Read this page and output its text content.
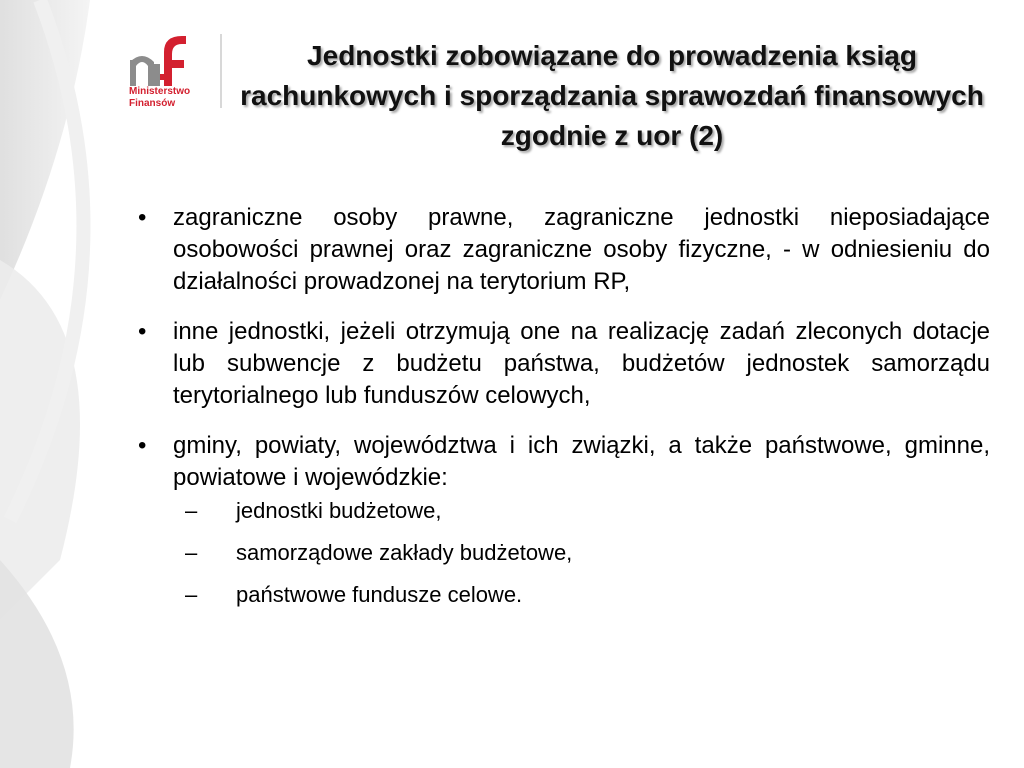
Ministerstwo
Finansów
Jednostki zobowiązane do prowadzenia ksiąg rachunkowych i sporządzania sprawozdań finansowych zgodnie z uor (2)
•	zagraniczne osoby prawne, zagraniczne jednostki nieposiadające osobowości prawnej oraz zagraniczne osoby fizyczne, - w odniesieniu do działalności prowadzonej na terytorium RP,
•	inne jednostki, jeżeli otrzymują one na realizację zadań zleconych dotacje lub subwencje z budżetu państwa, budżetów jednostek samorządu terytorialnego lub funduszów celowych,
•	gminy, powiaty, województwa i ich związki, a także państwowe, gminne, powiatowe i wojewódzkie:
– jednostki budżetowe,
– samorządowe zakłady budżetowe,
– państwowe fundusze celowe.
